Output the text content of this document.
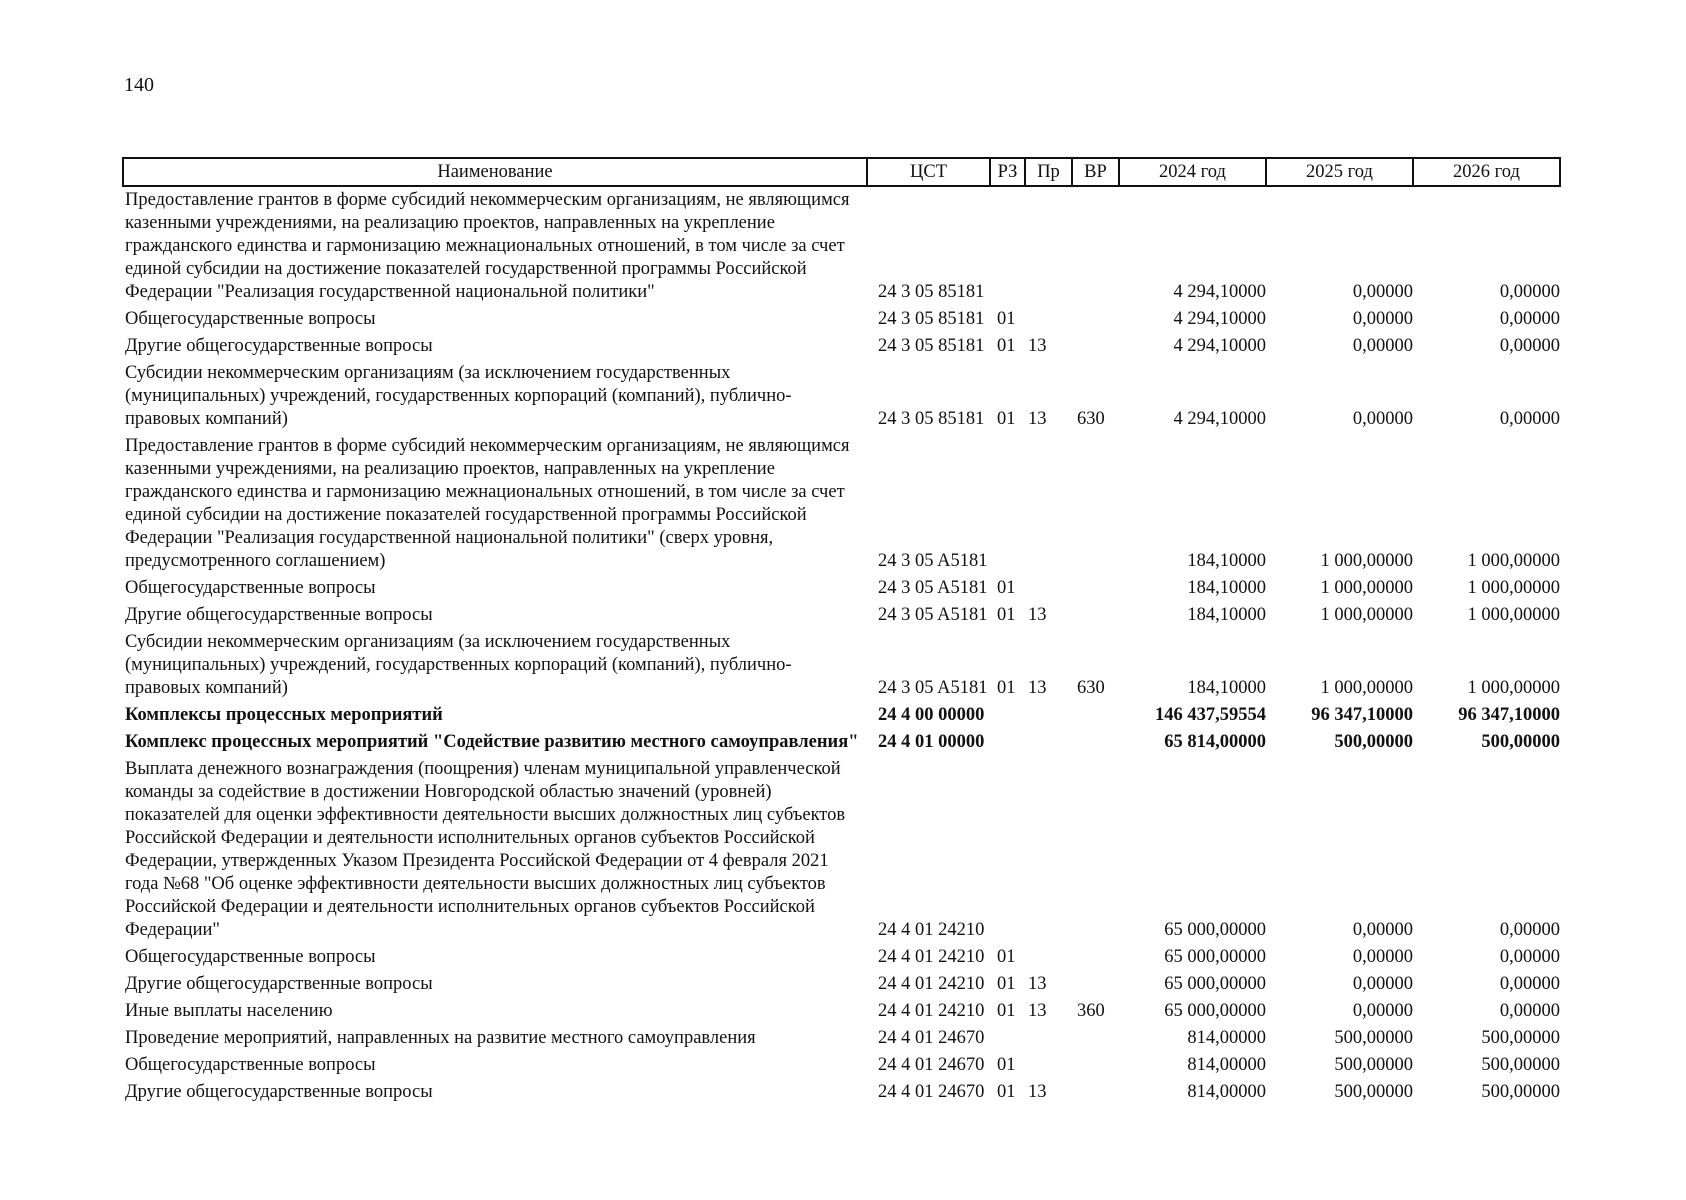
140
Наименование	ЦСТ	РЗ	Пр	ВР	2024 год	2025 год	2026 год
Предоставление грантов в форме субсидий некоммерческим организациям, не являющимся казенными учреждениями, на реализацию проектов, направленных на укрепление гражданского единства и гармонизацию межнациональных отношений, в том числе за счет единой субсидии на достижение показателей государственной программы Российской Федерации "Реализация государственной национальной политики"	24 3 05 85181				4 294,10000	0,00000	0,00000
Общегосударственные вопросы	24 3 05 85181	01			4 294,10000	0,00000	0,00000
Другие общегосударственные вопросы	24 3 05 85181	01	13		4 294,10000	0,00000	0,00000
Субсидии некоммерческим организациям (за исключением государственных (муниципальных) учреждений, государственных корпораций (компаний), публично-правовых компаний)	24 3 05 85181	01	13	630	4 294,10000	0,00000	0,00000
Предоставление грантов в форме субсидий некоммерческим организациям, не являющимся казенными учреждениями, на реализацию проектов, направленных на укрепление гражданского единства и гармонизацию межнациональных отношений, в том числе за счет единой субсидии на достижение показателей государственной программы Российской Федерации "Реализация государственной национальной политики" (сверх уровня, предусмотренного соглашением)	24 3 05 A5181				184,10000	1 000,00000	1 000,00000
Общегосударственные вопросы	24 3 05 A5181	01			184,10000	1 000,00000	1 000,00000
Другие общегосударственные вопросы	24 3 05 A5181	01	13		184,10000	1 000,00000	1 000,00000
Субсидии некоммерческим организациям (за исключением государственных (муниципальных) учреждений, государственных корпораций (компаний), публично-правовых компаний)	24 3 05 A5181	01	13	630	184,10000	1 000,00000	1 000,00000
Комплексы процессных мероприятий	24 4 00 00000				146 437,59554	96 347,10000	96 347,10000
Комплекс процессных мероприятий "Содействие развитию местного самоуправления"	24 4 01 00000				65 814,00000	500,00000	500,00000
Выплата денежного вознаграждения (поощрения) членам муниципальной управленческой команды за содействие в достижении Новгородской областью значений (уровней) показателей для оценки эффективности деятельности высших должностных лиц субъектов Российской Федерации и деятельности исполнительных органов субъектов Российской Федерации, утвержденных Указом Президента Российской Федерации от 4 февраля 2021 года №68 "Об оценке эффективности деятельности высших должностных лиц субъектов Российской Федерации и деятельности исполнительных органов субъектов Российской Федерации"	24 4 01 24210				65 000,00000	0,00000	0,00000
Общегосударственные вопросы	24 4 01 24210	01			65 000,00000	0,00000	0,00000
Другие общегосударственные вопросы	24 4 01 24210	01	13		65 000,00000	0,00000	0,00000
Иные выплаты населению	24 4 01 24210	01	13	360	65 000,00000	0,00000	0,00000
Проведение мероприятий, направленных на развитие местного самоуправления	24 4 01 24670				814,00000	500,00000	500,00000
Общегосударственные вопросы	24 4 01 24670	01			814,00000	500,00000	500,00000
Другие общегосударственные вопросы	24 4 01 24670	01	13		814,00000	500,00000	500,00000
